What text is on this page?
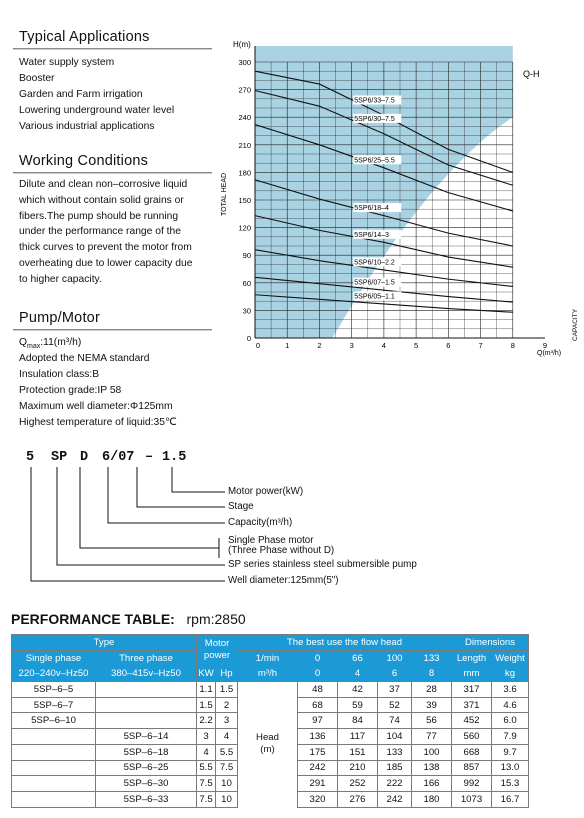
Typical Applications
Water supply system
Booster
Garden and Farm irrigation
Lowering underground water level
Various industrial applications
Working Conditions
Dilute and clean non–corrosive liquid
which without contain solid grains or
fibers.The pump should be running
under the performance range of the
thick curves to prevent the motor from
overheating due to lower capacity due
to higher capacity.
Pump/Motor
$Q_{max}:11(m^3/h)$
Adopted the NEMA standard
Insulation class:B
Protection grade:IP 58
Maximum well diameter:Φ125mm
Highest temperature of liquid:35℃
5SP6/33–7.5
5SP6/30–7.5
5SP6/25–5.5
5SP6/18–4
5SP6/14–3
5SP6/10–2.2
5SP6/07–1.5
5SP6/05–1.1
0
30
60
90
120
150
180
210
240
270
300
0	1	2	3	4	5	6	7	8	9
H(m)
TOTAL HEAD
Q(m³/h)
CAPACITY
Q-H
5 SP D 6/07 – 1.5
Motor power(kW)
Stage
Capacity(m³/h)
Single Phase motor
(Three Phase without D)
SP series stainless steel submersible pump
Well diameter:125mm(5")
PERFORMANCE TABLE: rpm:2850
Type		Motor power		The best use the flow head					Dimensions	
Single phase	Three phase			1/min	0	66	100	133	Length	Weight
220–240v–Hz50	380–415v–Hz50	KW	Hp	m³/h	0	4	6	8	mm	kg
5SP–6–5		1.1	1.5		48	42	37	28	317	3.6
5SP–6–7		1.5	2		68	59	52	39	371	4.6
5SP–6–10		2.2	3		97	84	74	56	452	6.0
	5SP–6–14	3	4	Head
(m)	136	117	104	77	560	7.9
	5SP–6–18	4	5.5		175	151	133	100	668	9.7
	5SP–6–25	5.5	7.5		242	210	185	138	857	13.0
	5SP–6–30	7.5	10		291	252	222	166	992	15.3
	5SP–6–33	7.5	10		320	276	242	180	1073	16.7
